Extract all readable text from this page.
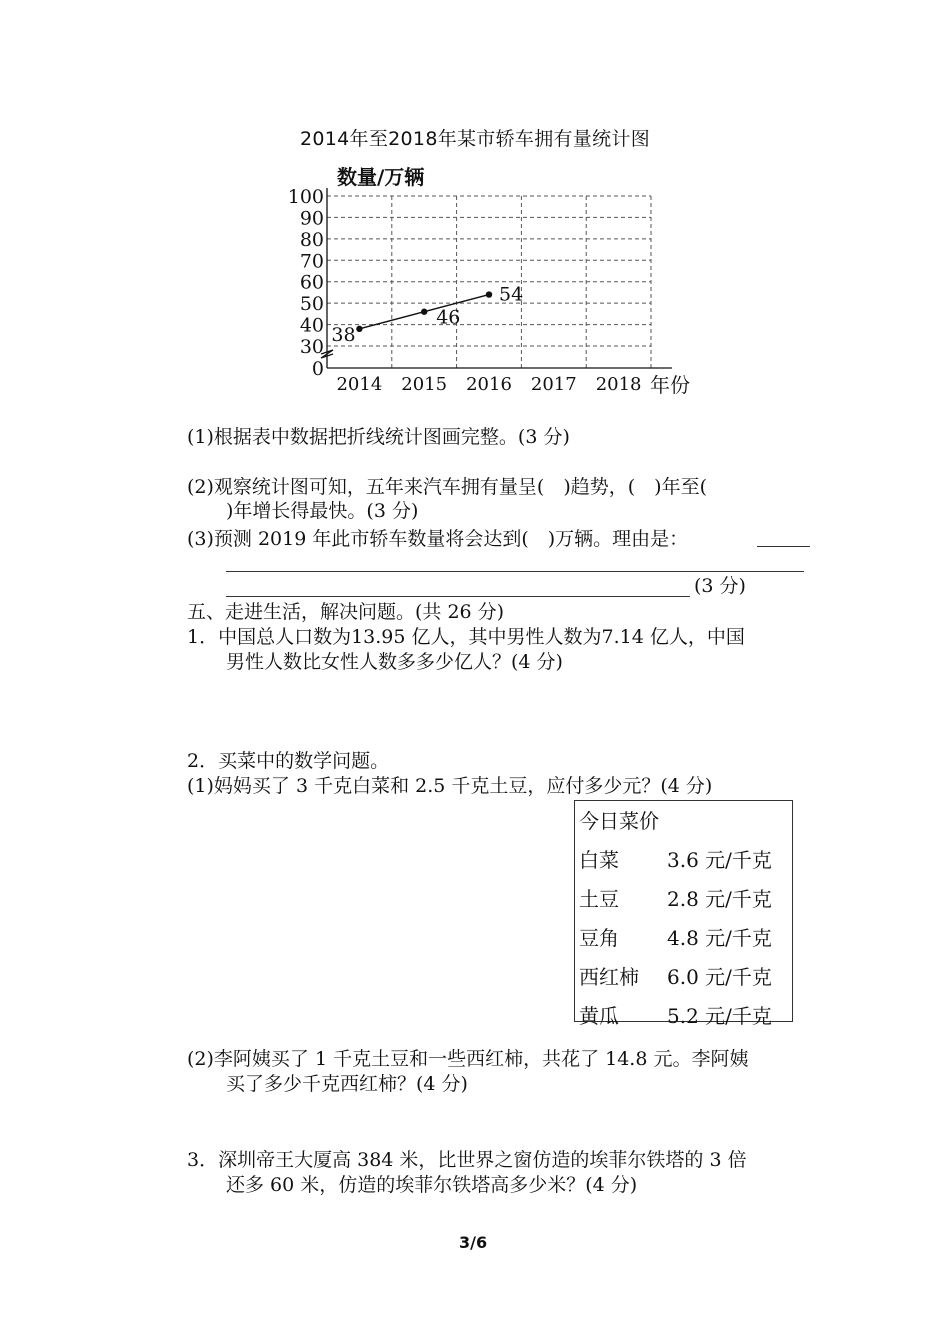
2014年至2018年某市轿车拥有量统计图
100
90
80
70
60
50
40
30
0
2014 2015 2016 2017 2018
数量/万辆
年份
38
46
54
(1)根据表中数据把折线统计图画完整。(3 分)
(2)观察统计图可知，五年来汽车拥有量呈(　)趋势，(　)年至(
)年增长得最快。(3 分)
(3)预测 2019 年此市轿车数量将会达到(　)万辆。理由是：
(3 分)
五、走进生活，解决问题。(共 26 分)
1．中国总人口数为13.95 亿人，其中男性人数为7.14 亿人，中国
男性人数比女性人数多多少亿人？(4 分)
2．买菜中的数学问题。
(1)妈妈买了 3 千克白菜和 2.5 千克土豆，应付多少元？(4 分)
今日菜价
白菜	3.6 元/千克
土豆	2.8 元/千克
豆角	4.8 元/千克
西红柿	6.0 元/千克
黄瓜	5.2 元/千克
(2)李阿姨买了 1 千克土豆和一些西红柿，共花了 14.8 元。李阿姨
买了多少千克西红柿？(4 分)
3．深圳帝王大厦高 384 米，比世界之窗仿造的埃菲尔铁塔的 3 倍
还多 60 米，仿造的埃菲尔铁塔高多少米？(4 分)
3/6
